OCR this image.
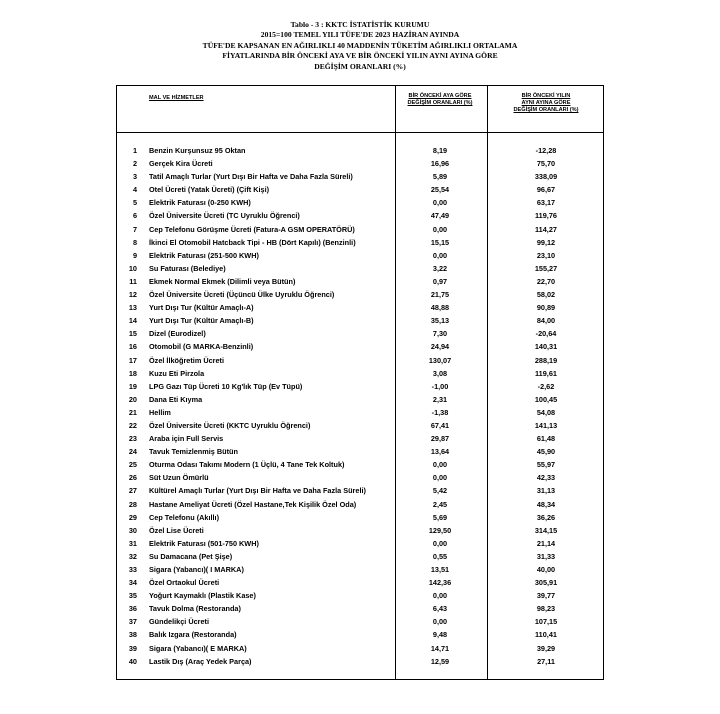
Tablo - 3 : KKTC İSTATİSTİK KURUMU
2015=100 TEMEL YILI TÜFE'DE 2023 HAZİRAN AYINDA
TÜFE'DE KAPSANAN EN AĞIRLIKLI 40 MADDENİN TÜKETİM AĞIRLIKLI ORTALAMA
FİYATLARINDA BİR ÖNCEKİ AYA VE BİR ÖNCEKİ YILIN AYNI AYINA GÖRE
DEĞİŞİM ORANLARI (%)
MAL VE HİZMETLER	BİR ÖNCEKİ AYA GÖRE
DEĞİŞİM ORANLARI (%)
BİR ÖNCEKİ YILIN
AYNI AYINA GÖRE
DEĞİŞİM ORANLARI (%)
1 Benzin Kurşunsuz 95 Oktan	8,19	-12,28
2 Gerçek Kira Ücreti	16,96	75,70
3 Tatil Amaçlı Turlar (Yurt Dışı Bir Hafta ve Daha Fazla Süreli)	5,89	338,09
4 Otel Ücreti (Yatak Ücreti) (Çift Kişi)	25,54	96,67
5 Elektrik Faturası (0-250 KWH)	0,00	63,17
6 Özel Üniversite Ücreti (TC Uyruklu Öğrenci)	47,49	119,76
7 Cep Telefonu Görüşme Ücreti (Fatura-A GSM OPERATÖRÜ)	0,00	114,27
8 İkinci El Otomobil Hatcback Tipi - HB (Dört Kapılı) (Benzinli)	15,15	99,12
9 Elektrik Faturası (251-500 KWH)	0,00	23,10
10 Su Faturası (Belediye)	3,22	155,27
11 Ekmek Normal Ekmek (Dilimli veya Bütün)	0,97	22,70
12 Özel Üniversite Ücreti (Üçüncü Ülke Uyruklu Öğrenci)	21,75	58,02
13 Yurt Dışı Tur (Kültür Amaçlı-A)	48,88	90,89
14 Yurt Dışı Tur (Kültür Amaçlı-B)	35,13	84,00
15 Dizel (Eurodizel)	7,30	-20,64
16 Otomobil (G MARKA-Benzinli)	24,94	140,31
17 Özel İlköğretim Ücreti	130,07	288,19
18 Kuzu Eti Pirzola	3,08	119,61
19 LPG Gazı Tüp Ücreti 10 Kg'lık Tüp (Ev Tüpü)	-1,00	-2,62
20 Dana Eti Kıyma	2,31	100,45
21 Hellim	-1,38	54,08
22 Özel Üniversite Ücreti (KKTC Uyruklu Öğrenci)	67,41	141,13
23 Araba için Full Servis	29,87	61,48
24 Tavuk Temizlenmiş Bütün	13,64	45,90
25 Oturma Odası Takımı Modern (1 Üçlü, 4 Tane Tek Koltuk)	0,00	55,97
26 Süt Uzun Ömürlü	0,00	42,33
27 Kültürel Amaçlı Turlar (Yurt Dışı Bir Hafta ve Daha Fazla Süreli)	5,42	31,13
28 Hastane Ameliyat Ücreti (Özel Hastane,Tek Kişilik Özel Oda)	2,45	48,34
29 Cep Telefonu (Akıllı)	5,69	36,26
30 Özel Lise Ücreti	129,50	314,15
31 Elektrik Faturası (501-750 KWH)	0,00	21,14
32 Su Damacana (Pet Şişe)	0,55	31,33
33 Sigara (Yabancı)( I MARKA)	13,51	40,00
34 Özel Ortaokul Ücreti	142,36	305,91
35 Yoğurt Kaymaklı (Plastik Kase)	0,00	39,77
36 Tavuk Dolma (Restoranda)	6,43	98,23
37 Gündelikçi Ücreti	0,00	107,15
38 Balık Izgara (Restoranda)	9,48	110,41
39 Sigara (Yabancı)( E MARKA)	14,71	39,29
40 Lastik Dış (Araç Yedek Parça)	12,59	27,11
